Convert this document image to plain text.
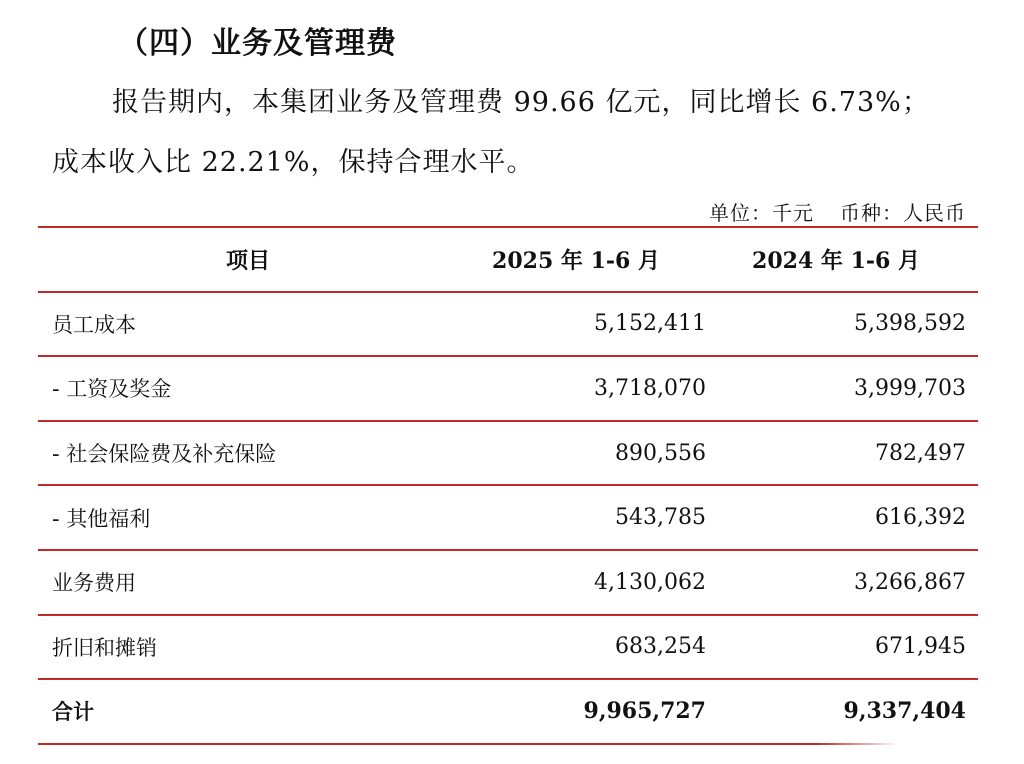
（四）业务及管理费
报告期内，本集团业务及管理费 99.66 亿元，同比增长 6.73%；
成本收入比 22.21%，保持合理水平。
单位：千元 币种：人民币
项目	2025 年 1-6 月	2024 年 1-6 月
员工成本	5,152,411	5,398,592
- 工资及奖金	3,718,070	3,999,703
- 社会保险费及补充保险	890,556	782,497
- 其他福利	543,785	616,392
业务费用	4,130,062	3,266,867
折旧和摊销	683,254	671,945
合计	9,965,727	9,337,404
